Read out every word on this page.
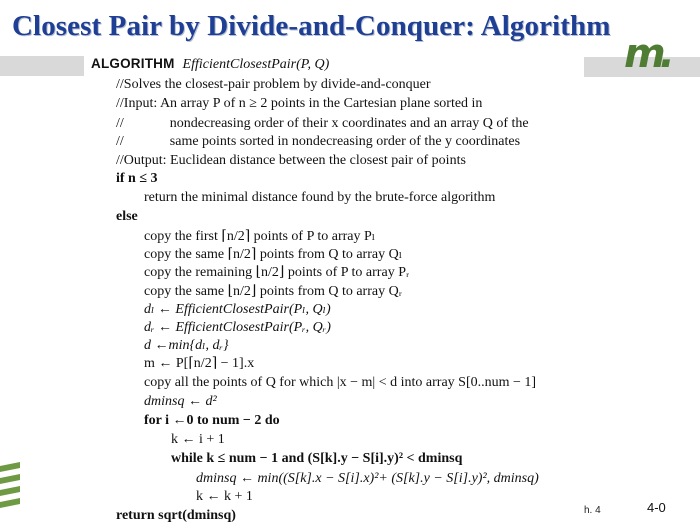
Closest Pair by Divide-and-Conquer: Algorithm
m.
ALGORITHM EfficientClosestPair(P, Q)
//Solves the closest-pair problem by divide-and-conquer
//Input: An array P of n ≥ 2 points in the Cartesian plane sorted in
//	nondecreasing order of their x coordinates and an array Q of the
//	same points sorted in nondecreasing order of the y coordinates
//Output: Euclidean distance between the closest pair of points
if n ≤ 3
return the minimal distance found by the brute-force algorithm
else
copy the first ⌈n/2⌉ points of P to array Pₗ
copy the same ⌈n/2⌉ points from Q to array Qₗ
copy the remaining ⌊n/2⌋ points of P to array Pᵣ
copy the same ⌊n/2⌋ points from Q to array Qᵣ
dₗ ← EfficientClosestPair(Pₗ, Qₗ)
dᵣ ← EfficientClosestPair(Pᵣ, Qᵣ)
d ←min{dₗ, dᵣ}
m ← P[⌈n/2⌉ − 1].x
copy all the points of Q for which |x − m| < d into array S[0..num − 1]
dminsq ← d²
for i ←0 to num − 2 do
k ← i + 1
while k ≤ num − 1 and (S[k].y − S[i].y)² < dminsq
dminsq ← min((S[k].x − S[i].x)²+ (S[k].y − S[i].y)², dminsq)
k ← k + 1
return sqrt(dminsq)	h. 4	4-0
